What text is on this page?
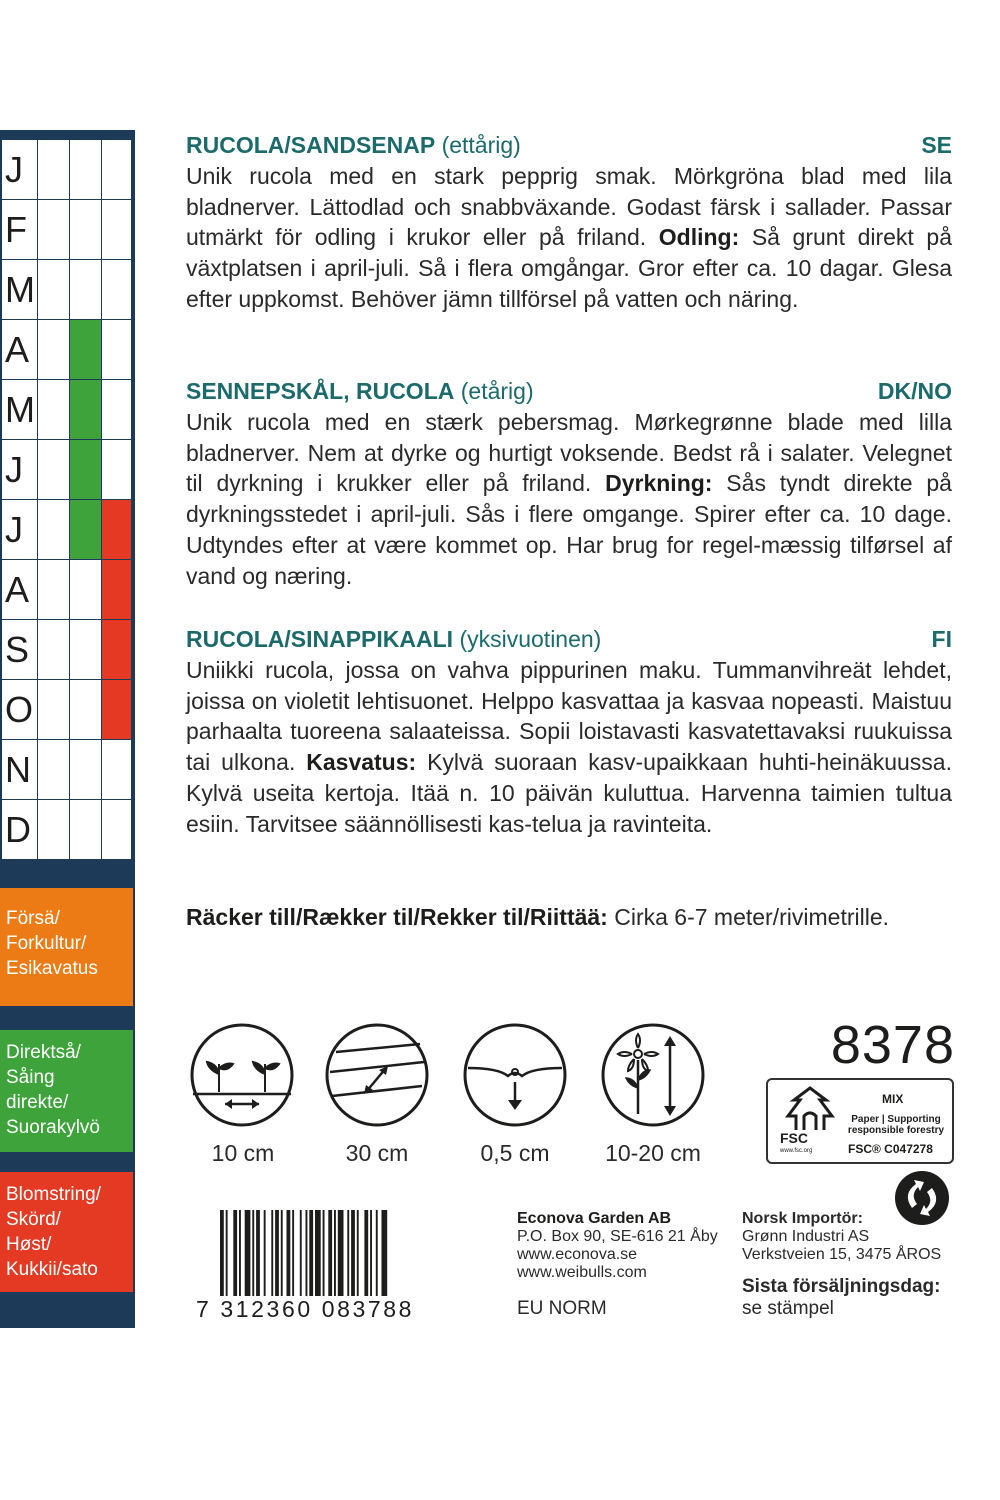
J
F
M
A
M
J
J
A
S
O
N
D
Försä/
Forkultur/
Esikavatus
Direktså/
Såing
direkte/
Suorakylvö
Blomstring/
Skörd/
Høst/
Kukkii/sato
RUCOLA/SANDSENAP (ettårig)	SE
Unik rucola med en stark pepprig smak. Mörkgröna blad med lila bladnerver. Lättodlad och snabbväxande. Godast färsk i sallader. Passar utmärkt för odling i krukor eller på friland. Odling: Så grunt direkt på växtplatsen i april-juli. Så i flera omgångar. Gror efter ca. 10 dagar. Glesa efter uppkomst. Behöver jämn tillförsel på vatten och näring.
SENNEPSKÅL, RUCOLA (etårig)	DK/NO
Unik rucola med en stærk pebersmag. Mørkegrønne blade med lilla bladnerver. Nem at dyrke og hurtigt voksende. Bedst rå i salater. Velegnet til dyrkning i krukker eller på friland. Dyrkning: Sås tyndt direkte på dyrkningsstedet i april-juli. Sås i flere omgange. Spirer efter ca. 10 dage. Udtyndes efter at være kommet op. Har brug for regel-mæssig tilførsel af vand og næring.
RUCOLA/SINAPPIKAALI (yksivuotinen)	FI
Uniikki rucola, jossa on vahva pippurinen maku. Tummanvihreät lehdet, joissa on violetit lehtisuonet. Helppo kasvattaa ja kasvaa nopeasti. Maistuu parhaalta tuoreena salaateissa. Sopii loistavasti kasvatettavaksi ruukuissa tai ulkona. Kasvatus: Kylvä suoraan kasv-upaikkaan huhti-heinäkuussa. Kylvä useita kertoja. Itää n. 10 päivän kuluttua. Harvenna taimien tultua esiin. Tarvitsee säännöllisesti kas-telua ja ravinteita.
Räcker till/Rækker til/Rekker til/Riittää: Cirka 6-7 meter/rivimetrille.
10 cm	30 cm	0,5 cm	10-20 cm
8378
FSC
www.fsc.org
MIX
Paper | Supporting responsible forestry
FSC® C047278
7 312360 083788
Econova Garden AB
P.O. Box 90, SE-616 21 Åby
www.econova.se
www.weibulls.com
EU NORM
Norsk Importör:
Grønn Industri AS
Verkstveien 15, 3475 ÅROS
Sista försäljningsdag:
se stämpel
